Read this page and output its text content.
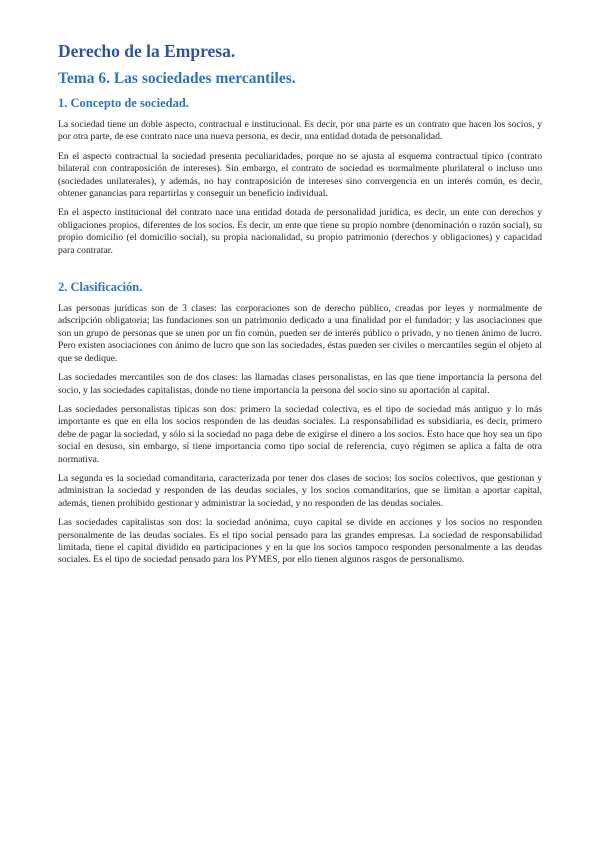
Derecho de la Empresa.
Tema 6. Las sociedades mercantiles.
1. Concepto de sociedad.

La sociedad tiene un doble aspecto, contractual e institucional. Es decir, por una parte es un contrato que hacen los socios, y por otra parte, de ese contrato nace una nueva persona, es decir, una entidad dotada de personalidad.

En el aspecto contractual la sociedad presenta peculiaridades, porque no se ajusta al esquema contractual típico (contrato bilateral con contraposición de intereses). Sin embargo, el contrato de sociedad es normalmente plurilateral o incluso uno (sociedades unilaterales), y además, no hay contraposición de intereses sino convergencia en un interés común, es decir, obtener ganancias para repartirlas y conseguir un beneficio individual.

En el aspecto institucional del contrato nace una entidad dotada de personalidad jurídica, es decir, un ente con derechos y obligaciones propios, diferentes de los socios. Es decir, un ente que tiene su propio nombre (denominación o razón social), su propio domicilio (el domicilio social), su propia nacionalidad, su propio patrimonio (derechos y obligaciones) y capacidad para contratar.

2. Clasificación.

Las personas jurídicas son de 3 clases: las corporaciones son de derecho público, creadas por leyes y normalmente de adscripción obligatoria; las fundaciones son un patrimonio dedicado a una finalidad por el fundador; y las asociaciones que son un grupo de personas que se unen por un fin común, pueden ser de interés público o privado, y no tienen ánimo de lucro. Pero existen asociaciones con ánimo de lucro que son las sociedades, éstas pueden ser civiles o mercantiles según el objeto al que se dedique.

Las sociedades mercantiles son de dos clases: las llamadas clases personalistas, en las que tiene importancia la persona del socio, y las sociedades capitalistas, donde no tiene importancia la persona del socio sino su aportación al capital.

Las sociedades personalistas típicas son dos: primero la sociedad colectiva, es el tipo de sociedad más antiguo y lo más importante es que en ella los socios responden de las deudas sociales. La responsabilidad es subsidiaria, es decir, primero debe de pagar la sociedad, y sólo si la sociedad no paga debe de exigirse el dinero a los socios. Esto hace que hoy sea un tipo social en desuso, sin embargo, sí tiene importancia como tipo social de referencia, cuyo régimen se aplica a falta de otra normativa.

La segunda es la sociedad comanditaria, caracterizada por tener dos clases de socios: los socios colectivos, que gestionan y administran la sociedad y responden de las deudas sociales, y los socios comanditarios, que se limitan a aportar capital, además, tienen prohibido gestionar y administrar la sociedad, y no responden de las deudas sociales.

Las sociedades capitalistas son dos: la sociedad anónima, cuyo capital se divide en acciones y los socios no responden personalmente de las deudas sociales. Es el tipo social pensado para las grandes empresas. La sociedad de responsabilidad limitada, tiene el capital dividido en participaciones y en la que los socios tampoco responden personalmente a las deudas sociales. Es el tipo de sociedad pensado para los PYMES, por ello tienen algunos rasgos de personalismo.
